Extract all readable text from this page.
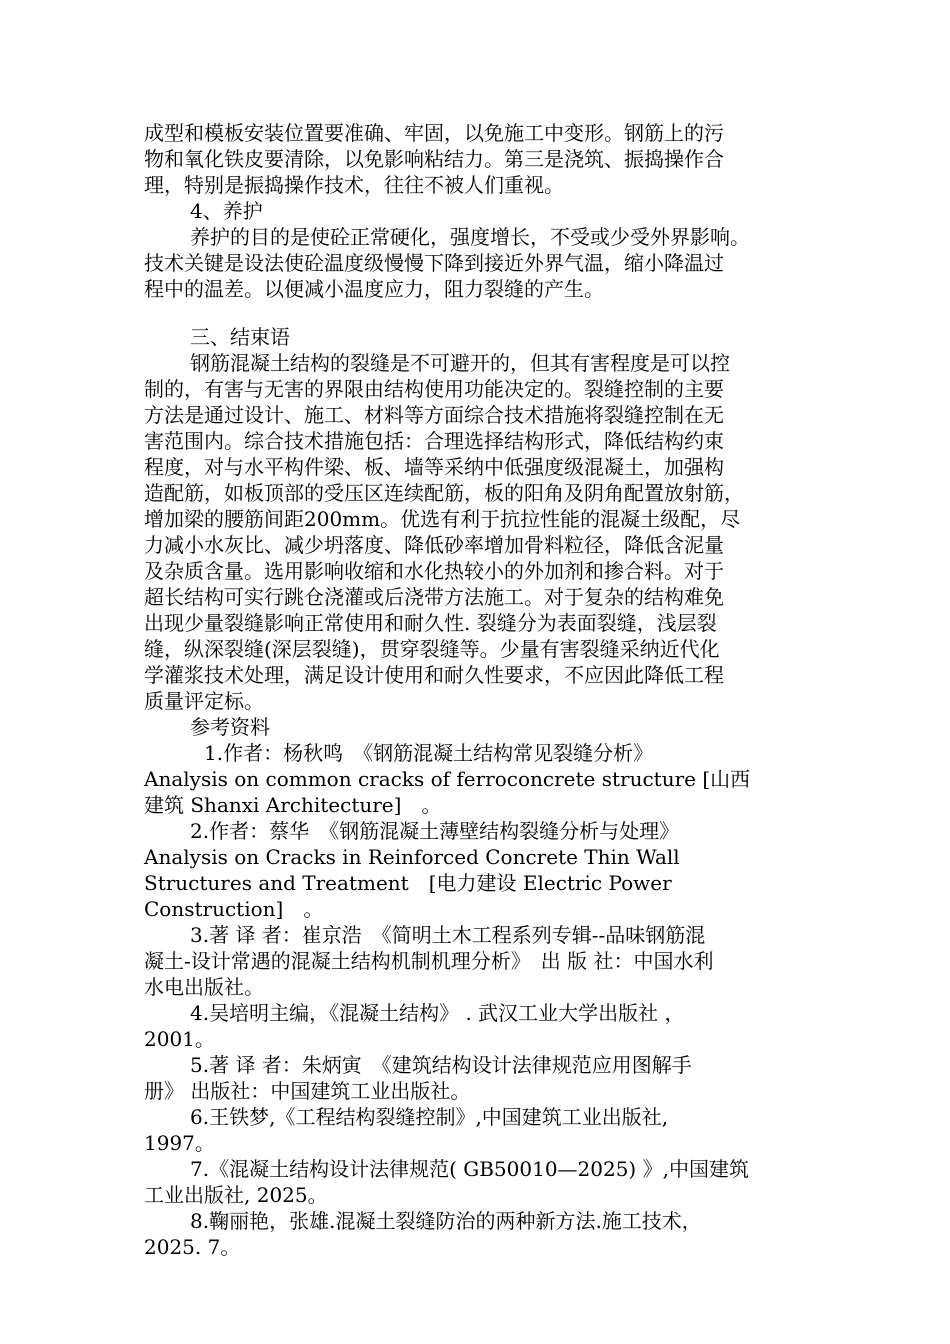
成型和模板安装位置要准确、牢固，以免施工中变形。钢筋上的污
物和氧化铁皮要清除，以免影响粘结力。第三是浇筑、振捣操作合
理，特别是振捣操作技术，往往不被人们重视。
4、养护
养护的目的是使砼正常硬化，强度增长，不受或少受外界影响。
技术关键是设法使砼温度级慢慢下降到接近外界气温，缩小降温过
程中的温差。以便减小温度应力，阻力裂缝的产生。
三、结束语
钢筋混凝土结构的裂缝是不可避开的，但其有害程度是可以控
制的，有害与无害的界限由结构使用功能决定的。裂缝控制的主要
方法是通过设计、施工、材料等方面综合技术措施将裂缝控制在无
害范围内。综合技术措施包括：合理选择结构形式，降低结构约束
程度，对与水平构件梁、板、墙等采纳中低强度级混凝土，加强构
造配筋，如板顶部的受压区连续配筋，板的阳角及阴角配置放射筋，
增加梁的腰筋间距200mm。优选有利于抗拉性能的混凝土级配，尽
力减小水灰比、减少坍落度、降低砂率增加骨料粒径，降低含泥量
及杂质含量。选用影响收缩和水化热较小的外加剂和掺合料。对于
超长结构可实行跳仓浇灌或后浇带方法施工。对于复杂的结构难免
出现少量裂缝影响正常使用和耐久性. 裂缝分为表面裂缝，浅层裂
缝，纵深裂缝(深层裂缝)，贯穿裂缝等。少量有害裂缝采纳近代化
学灌浆技术处理，满足设计使用和耐久性要求，不应因此降低工程
质量评定标。
参考资料
1.作者：杨秋鸣　《钢筋混凝土结构常见裂缝分析》
Analysis on common cracks of ferroconcrete structure [山西
建筑 Shanxi Architecture]　。
2.作者：蔡华　《钢筋混凝土薄壁结构裂缝分析与处理》
Analysis on Cracks in Reinforced Concrete Thin Wall
Structures and Treatment　[电力建设 Electric Power
Construction]　。
3.著 译 者：崔京浩　《简明土木工程系列专辑--品味钢筋混
凝土-设计常遇的混凝土结构机制机理分析》　出 版 社：中国水利
水电出版社。
4.吴培明主编，《混凝土结构》 . 武汉工业大学出版社 ，
2001。
5.著 译 者：朱炳寅　《建筑结构设计法律规范应用图解手
册》 出版社：中国建筑工业出版社。
6.王铁梦,《工程结构裂缝控制》,中国建筑工业出版社,
1997。
7.《混凝土结构设计法律规范( GB50010—2025) 》,中国建筑
工业出版社, 2025。
8.鞠丽艳，张雄.混凝土裂缝防治的两种新方法.施工技术，
2025. 7。
